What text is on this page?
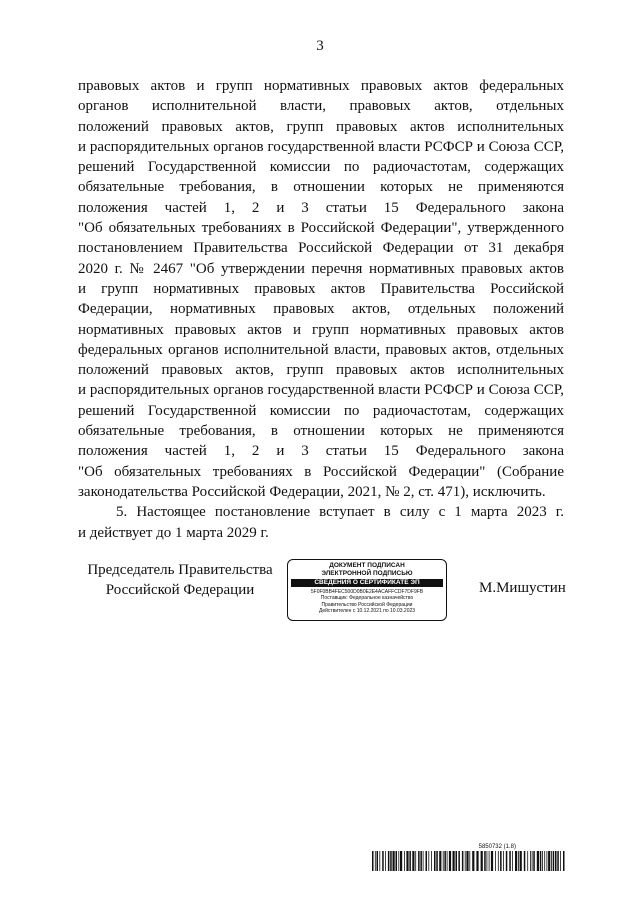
3
правовых актов и групп нормативных правовых актов федеральных
органов исполнительной власти, правовых актов, отдельных
положений правовых актов, групп правовых актов исполнительных
и распорядительных органов государственной власти РСФСР и Союза ССР,
решений Государственной комиссии по радиочастотам, содержащих
обязательные требования, в отношении которых не применяются
положения частей 1, 2 и 3 статьи 15 Федерального закона
"Об обязательных требованиях в Российской Федерации", утвержденного
постановлением Правительства Российской Федерации от 31 декабря
2020 г. № 2467 "Об утверждении перечня нормативных правовых актов
и групп нормативных правовых актов Правительства Российской
Федерации, нормативных правовых актов, отдельных положений
нормативных правовых актов и групп нормативных правовых актов
федеральных органов исполнительной власти, правовых актов, отдельных
положений правовых актов, групп правовых актов исполнительных
и распорядительных органов государственной власти РСФСР и Союза ССР,
решений Государственной комиссии по радиочастотам, содержащих
обязательные требования, в отношении которых не применяются
положения частей 1, 2 и 3 статьи 15 Федерального закона
"Об обязательных требованиях в Российской Федерации" (Собрание
законодательства Российской Федерации, 2021, № 2, ст. 471), исключить.
5. Настоящее постановление вступает в силу с 1 марта 2023 г.
и действует до 1 марта 2029 г.
Председатель Правительства
Российской Федерации
ДОКУМЕНТ ПОДПИСАН
ЭЛЕКТРОННОЙ ПОДПИСЬЮ
СВЕДЕНИЯ О СЕРТИФИКАТЕ ЭП
5F0F0BB4FEC500D0B0E2E4ACAFFCDF7DF9FB
Поставщик: Федеральное казначейство
Правительство Российской Федерации
Действителен с 10.12.2021 по 10.03.2023
М.Мишустин
5850732 (1.8)
